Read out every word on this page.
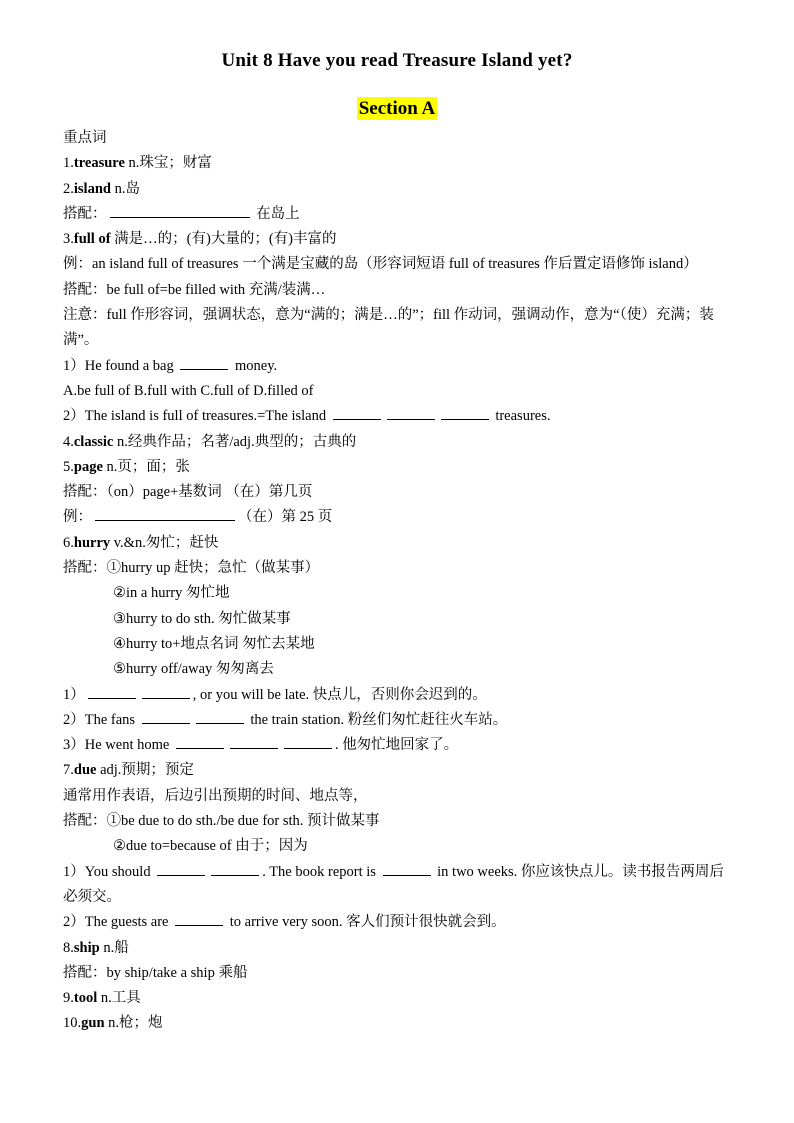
Unit 8 Have you read Treasure Island yet?
Section A
重点词
1.treasure n.珠宝；财富
2.island n.岛
搭配：	在岛上
3.full of 满是…的；(有)大量的；(有)丰富的
例：an island full of treasures 一个满是宝藏的岛（形容词短语 full of treasures 作后置定语修饰 island）
搭配：be full of=be filled with 充满/装满…
注意：full 作形容词，强调状态，意为“满的；满是…的”；fill 作动词，强调动作，意为“（使）充满；装满”。
1）He found a bag	money.
A.be full of B.full with C.full of D.filled of
2）The island is full of treasures.=The island	treasures.
4.classic n.经典作品；名著/adj.典型的；古典的
5.page n.页；面；张
搭配：（on）page+基数词 （在）第几页
例：	（在）第 25 页
6.hurry v.&n.匆忙；赶快
搭配：①hurry up 赶快；急忙（做某事）
②in a hurry 匆忙地
③hurry to do sth. 匆忙做某事
④hurry to+地点名词 匆忙去某地
⑤hurry off/away 匆匆离去
1）	, or you will be late. 快点儿，否则你会迟到的。
2）The fans	the train station. 粉丝们匆忙赶往火车站。
3）He went home	. 他匆忙地回家了。
7.due adj.预期；预定
通常用作表语，后边引出预期的时间、地点等，
搭配：①be due to do sth./be due for sth. 预计做某事
②due to=because of 由于；因为
1）You should	. The book report is	in two weeks. 你应该快点儿。读书报告两周后必须交。
2）The guests are	to arrive very soon. 客人们预计很快就会到。
8.ship n.船
搭配：by ship/take a ship 乘船
9.tool n.工具
10.gun n.枪；炮
